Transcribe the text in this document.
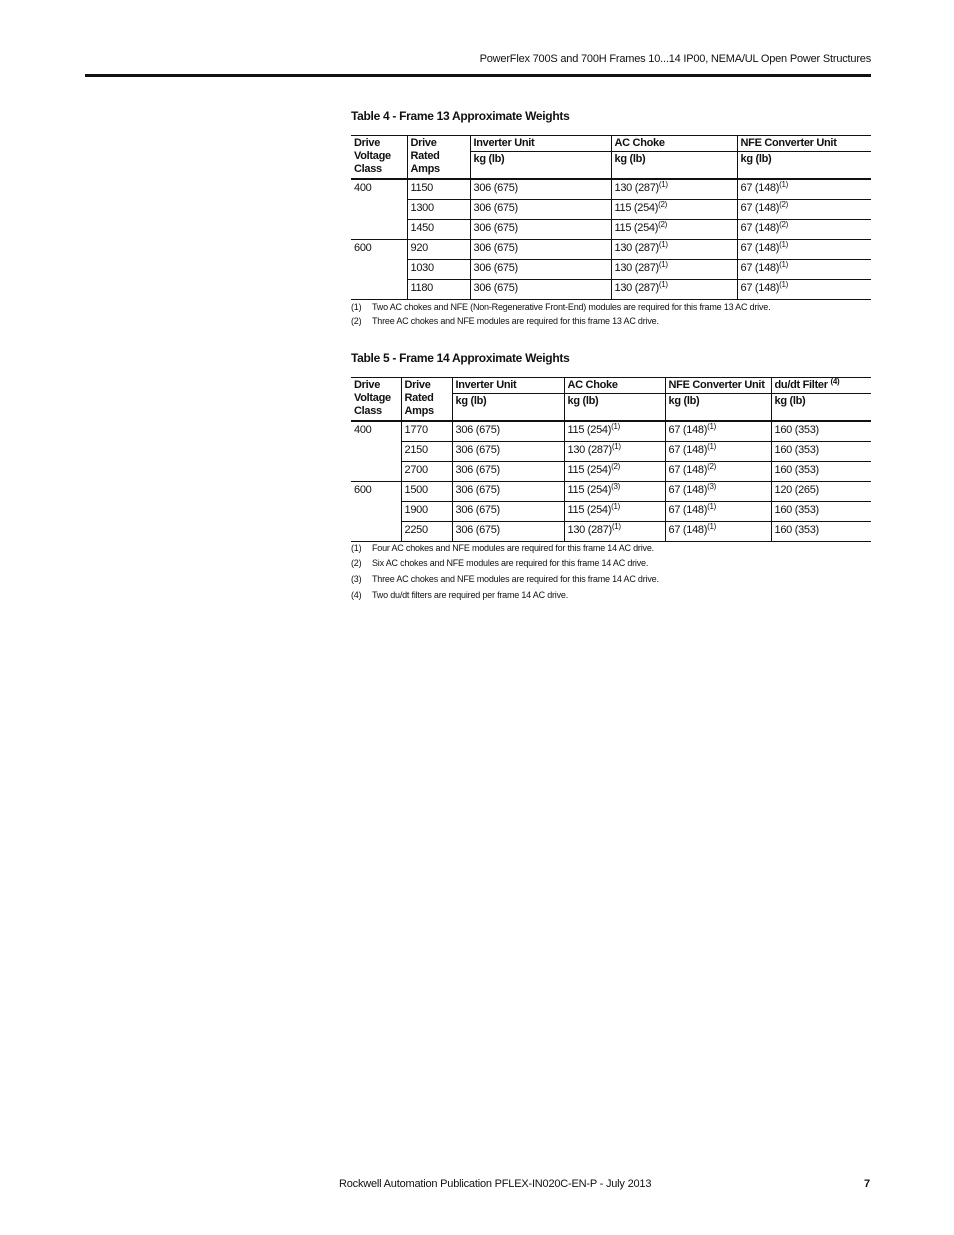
PowerFlex 700S and 700H Frames 10...14 IP00, NEMA/UL Open Power Structures
Table 4 - Frame 13 Approximate Weights
Drive Voltage Class	Drive Rated Amps	Inverter Unit	AC Choke	NFE Converter Unit
		kg (lb)	kg (lb)	kg (lb)
400	1150	306 (675)	130 $(287)^{(1)}$	67 $(148)^{(1)}$
	1300	306 (675)	115 $(254)^{(2)}$	67 $(148)^{(2)}$
	1450	306 (675)	115 $(254)^{(2)}$	67 $(148)^{(2)}$
600	920	306 (675)	130 $(287)^{(1)}$	67 $(148)^{(1)}$
	1030	306 (675)	130 $(287)^{(1)}$	67 $(148)^{(1)}$
	1180	306 (675)	130 $(287)^{(1)}$	67 $(148)^{(1)}$
(1) Two AC chokes and NFE (Non-Regenerative Front-End) modules are required for this frame 13 AC drive.
(2) Three AC chokes and NFE modules are required for this frame 13 AC drive.
Table 5 - Frame 14 Approximate Weights
Drive Voltage Class	Drive Rated Amps	Inverter Unit	AC Choke	NFE Converter Unit	du/dt Filter $^{(4)}$
		kg (lb)	kg (lb)	kg (lb)	kg (lb)
400	1770	306 (675)	115 $(254)^{(1)}$	67 $(148)^{(1)}$	160 (353)
	2150	306 (675)	130 $(287)^{(1)}$	67 $(148)^{(1)}$	160 (353)
	2700	306 (675)	115 $(254)^{(2)}$	67 $(148)^{(2)}$	160 (353)
600	1500	306 (675)	115 $(254)^{(3)}$	67 $(148)^{(3)}$	120 (265)
	1900	306 (675)	115 $(254)^{(1)}$	67 $(148)^{(1)}$	160 (353)
	2250	306 (675)	130 $(287)^{(1)}$	67 $(148)^{(1)}$	160 (353)
(1) Four AC chokes and NFE modules are required for this frame 14 AC drive.
(2) Six AC chokes and NFE modules are required for this frame 14 AC drive.
(3) Three AC chokes and NFE modules are required for this frame 14 AC drive.
(4) Two du/dt filters are required per frame 14 AC drive.
Rockwell Automation Publication PFLEX-IN020C-EN-P - July 2013	7
